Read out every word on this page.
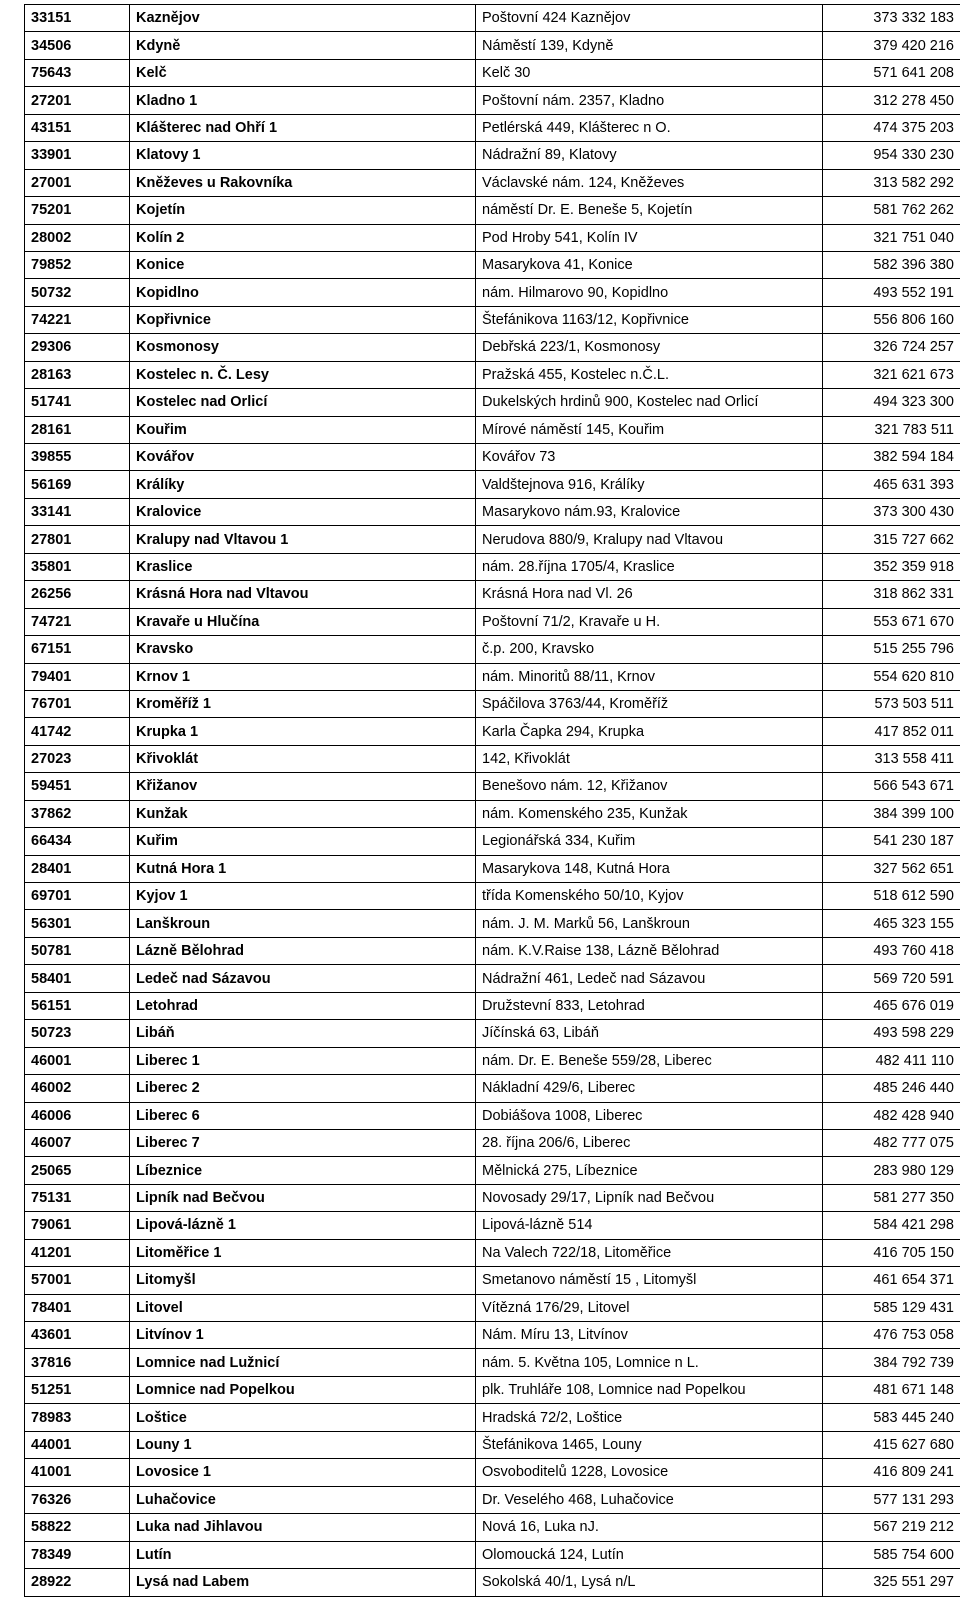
33151	Kaznějov	Poštovní 424 Kaznějov	373 332 183
34506	Kdyně	Náměstí 139, Kdyně	379 420 216
75643	Kelč	Kelč 30	571 641 208
27201	Kladno 1	Poštovní nám. 2357, Kladno	312 278 450
43151	Klášterec nad Ohří 1	Petlérská 449, Klášterec n O.	474 375 203
33901	Klatovy 1	Nádražní 89, Klatovy	954 330 230
27001	Kněževes u Rakovníka	Václavské nám. 124, Kněževes	313 582 292
75201	Kojetín	náměstí Dr. E. Beneše 5, Kojetín	581 762 262
28002	Kolín 2	Pod Hroby 541, Kolín IV	321 751 040
79852	Konice	Masarykova 41, Konice	582 396 380
50732	Kopidlno	nám. Hilmarovo 90, Kopidlno	493 552 191
74221	Kopřivnice	Štefánikova 1163/12, Kopřivnice	556 806 160
29306	Kosmonosy	Debřská 223/1, Kosmonosy	326 724 257
28163	Kostelec n. Č. Lesy	Pražská 455, Kostelec n.Č.L.	321 621 673
51741	Kostelec nad Orlicí	Dukelských hrdinů 900, Kostelec nad Orlicí	494 323 300
28161	Kouřim	Mírové náměstí 145, Kouřim	321 783 511
39855	Kovářov	Kovářov 73	382 594 184
56169	Králíky	Valdštejnova 916, Králíky	465 631 393
33141	Kralovice	Masarykovo nám.93, Kralovice	373 300 430
27801	Kralupy nad Vltavou 1	Nerudova 880/9, Kralupy nad Vltavou	315 727 662
35801	Kraslice	nám. 28.října 1705/4, Kraslice	352 359 918
26256	Krásná Hora nad Vltavou	Krásná Hora nad Vl. 26	318 862 331
74721	Kravaře u Hlučína	Poštovní 71/2, Kravaře u H.	553 671 670
67151	Kravsko	č.p. 200, Kravsko	515 255 796
79401	Krnov 1	nám. Minoritů 88/11, Krnov	554 620 810
76701	Kroměříž 1	Spáčilova 3763/44, Kroměříž	573 503 511
41742	Krupka 1	Karla Čapka 294, Krupka	417 852 011
27023	Křivoklát	142, Křivoklát	313 558 411
59451	Křižanov	Benešovo nám. 12, Křižanov	566 543 671
37862	Kunžak	nám. Komenského 235, Kunžak	384 399 100
66434	Kuřim	Legionářská 334, Kuřim	541 230 187
28401	Kutná Hora 1	Masarykova 148, Kutná Hora	327 562 651
69701	Kyjov 1	třída Komenského 50/10, Kyjov	518 612 590
56301	Lanškroun	nám. J. M. Marků 56, Lanškroun	465 323 155
50781	Lázně Bělohrad	nám. K.V.Raise 138, Lázně Bělohrad	493 760 418
58401	Ledeč nad Sázavou	Nádražní 461, Ledeč nad Sázavou	569 720 591
56151	Letohrad	Družstevní 833, Letohrad	465 676 019
50723	Libáň	Jíčínská 63, Libáň	493 598 229
46001	Liberec 1	nám. Dr. E. Beneše 559/28, Liberec	482 411 110
46002	Liberec 2	Nákladní 429/6, Liberec	485 246 440
46006	Liberec 6	Dobiášova 1008, Liberec	482 428 940
46007	Liberec 7	28. října 206/6, Liberec	482 777 075
25065	Líbeznice	Mělnická 275, Líbeznice	283 980 129
75131	Lipník nad Bečvou	Novosady 29/17, Lipník nad Bečvou	581 277 350
79061	Lipová-lázně 1	Lipová-lázně 514	584 421 298
41201	Litoměřice 1	Na Valech 722/18, Litoměřice	416 705 150
57001	Litomyšl	Smetanovo náměstí 15 , Litomyšl	461 654 371
78401	Litovel	Vítězná 176/29, Litovel	585 129 431
43601	Litvínov 1	Nám. Míru 13, Litvínov	476 753 058
37816	Lomnice nad Lužnicí	nám. 5. Května 105, Lomnice n L.	384 792 739
51251	Lomnice nad Popelkou	plk. Truhláře 108, Lomnice nad Popelkou	481 671 148
78983	Loštice	Hradská 72/2, Loštice	583 445 240
44001	Louny 1	Štefánikova 1465, Louny	415 627 680
41001	Lovosice 1	Osvoboditelů 1228, Lovosice	416 809 241
76326	Luhačovice	Dr. Veselého 468, Luhačovice	577 131 293
58822	Luka nad Jihlavou	Nová 16, Luka nJ.	567 219 212
78349	Lutín	Olomoucká 124, Lutín	585 754 600
28922	Lysá nad Labem	Sokolská 40/1, Lysá n/L	325 551 297
